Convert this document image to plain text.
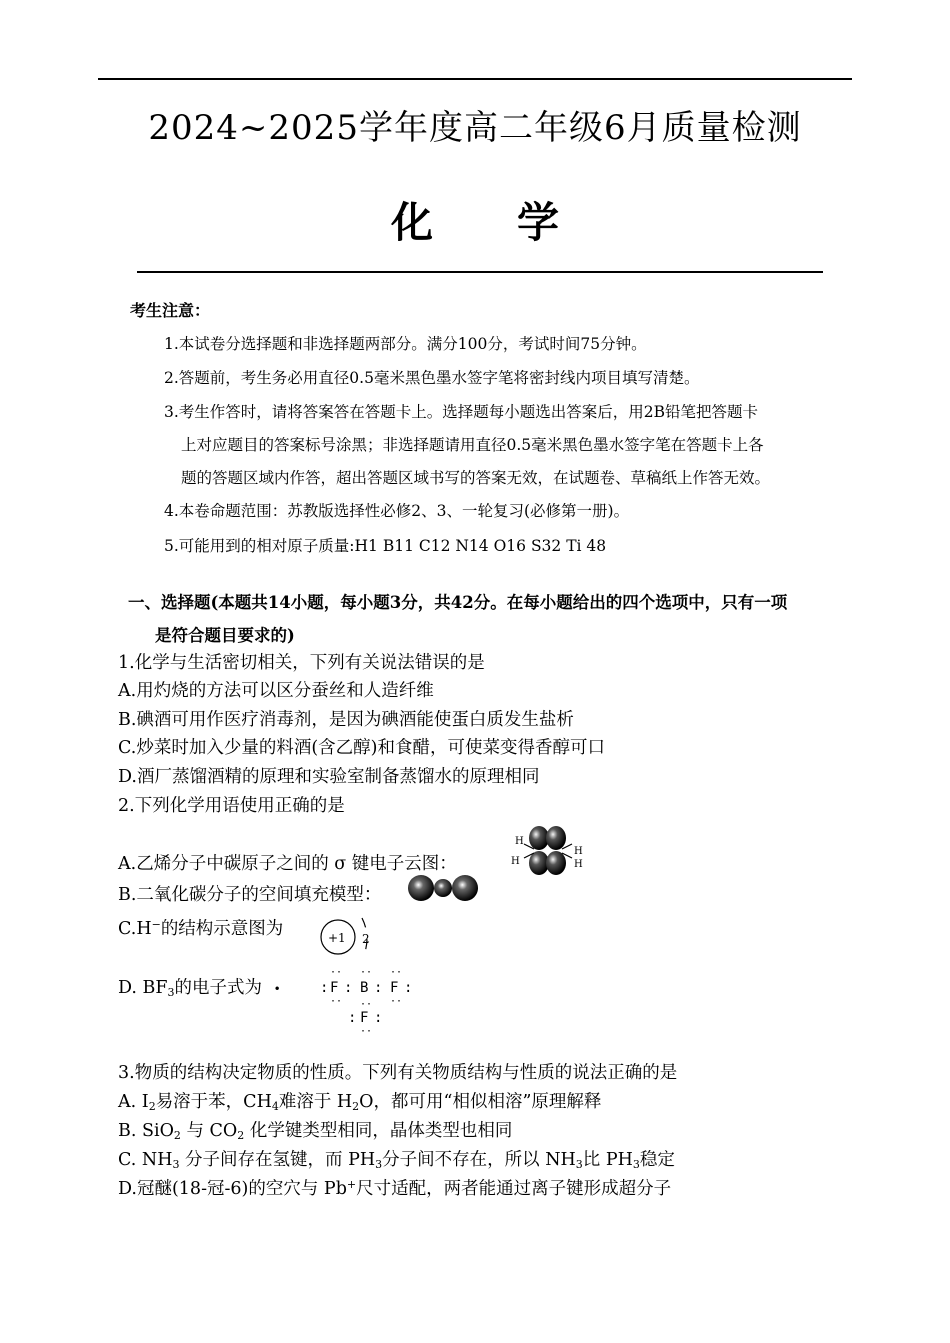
2024~2025学年度高二年级6月质量检测
化　　学
考生注意：
1.本试卷分选择题和非选择题两部分。满分100分，考试时间75分钟。
2.答题前，考生务必用直径0.5毫米黑色墨水签字笔将密封线内项目填写清楚。
3.考生作答时，请将答案答在答题卡上。选择题每小题选出答案后，用2B铅笔把答题卡
上对应题目的答案标号涂黑；非选择题请用直径0.5毫米黑色墨水签字笔在答题卡上各
题的答题区域内作答，超出答题区域书写的答案无效，在试题卷、草稿纸上作答无效。
4.本卷命题范围：苏教版选择性必修2、3、一轮复习(必修第一册)。
5.可能用到的相对原子质量:H1 B11 C12 N14 O16 S32 Ti 48
一、选择题(本题共14小题，每小题3分，共42分。在每小题给出的四个选项中，只有一项
是符合题目要求的)
1.化学与生活密切相关，下列有关说法错误的是
A.用灼烧的方法可以区分蚕丝和人造纤维
B.碘酒可用作医疗消毒剂，是因为碘酒能使蛋白质发生盐析
C.炒菜时加入少量的料酒(含乙醇)和食醋，可使菜变得香醇可口
D.酒厂蒸馏酒精的原理和实验室制备蒸馏水的原理相同
2.下列化学用语使用正确的是
A.乙烯分子中碳原子之间的 σ 键电子云图：
H
H
H
H
B.二氧化碳分子的空间填充模型：
C.H−的结构示意图为	+1 2
D. $BF_3$的电子式为 •
··
: F :
··
··
B :
··
F :
··
··
: F :
··
3.物质的结构决定物质的性质。下列有关物质结构与性质的说法正确的是
A. $I_2$易溶于苯，$CH_4$难溶于 $H_2O$，都可用“相似相溶”原理解释
B. SiO$_2$ 与 $CO_2$ 化学键类型相同，晶体类型也相同
C. $NH_3$ 分子间存在氢键，而 $PH_3$分子间不存在，所以 $NH_3$比 $PH_3$稳定
D.冠醚(18-冠-6)的空穴与 Pb+尺寸适配，两者能通过离子键形成超分子
